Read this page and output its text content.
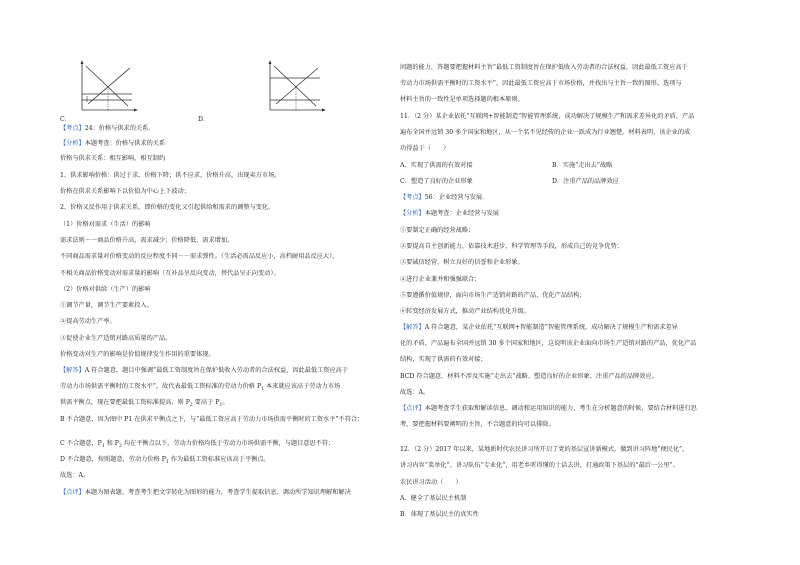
C．	D．
【考点】24：价格与供求的关系．
【分析】本题考查：价格与供求的关系
价格与供求关系：相互影响，相互制约
1、供求影响价格：供过于求，价格下降；供不应求，价格升高，出现卖方市场。
价格在供求关系影响下以价值为中心上下波动；
2、价格又反作用于供求关系，即价格的变化又引起供给和需求的调整与变化。
（1）价格对需求（生活）的影响
需求法则－一商品价格升高，需求减少；价格降低，需求增加。
不同商品需求量对价格变动的反应程度不同－－需求弹性。（生活必需品反应小，高档耐用品反应大）。
不相关商品价格变动对需求量的影响（互补品呈反向变动，替代品呈正向变动）。
（2）价格对供给（生产）的影响
①调节产量，调节生产要素投入。
②提高劳动生产率。
③促使企业生产适销对路高质量的产品。
价格变动对生产的影响是价值规律发生作用的重要体现。
【解答】A 符合题意，题目中强调“最低工资制度旨在保护低收入劳动者的合法权益，因此最低工资应高于
劳动力市场供需平衡时的工资水平”，故代表最低工资标准的劳动力价格 $P_1$ 本来就应该高于劳动力市场
供需平衡点，现在要把最低工资标准提高，则 $P_2$ 要高于 $P_1$。
B 不合题意，因为图中 P1 在供求平衡点之下，与“最低工资应高于劳动力市场供需平衡时的工资水平”不符合；
C 不合题意，$P_1$ 和 $P_2$ 均在平衡点以下，劳动力价格均低于劳动力市场供需平衡，与题目意思不符；
D 不合题意，按照题意，劳动力价格 $P_1$ 作为最低工资标准应该高于平衡点。
故选：A。
【点评】本题为图表题，考查考生把文字转化为图形的能力，考查学生提取信息、调动所学知识理解和解决
问题的能力，答题要把握材料主旨“最低工资制度旨在保护低收入劳动者的合法权益，因此最低工资应高于
劳动力市场供需平衡时的工资水平”，因此最低工资应高于市场价格，并找出与主旨一致的图形。选项与
材料主旨的一致性是单项选择题的根本原则。
11．（2 分）某企业依托“互联网+智能制造”智能管理系统，成功解决了规模生产和需求差异化的矛盾，产品
遍布全国并远销 30 多个国家和地区，从一个名不见经传的企业一跃成为行业翘楚。材料表明，该企业的成
功得益于（　　）
A．实现了供需的有效对接	B．实施“走出去”战略
C．塑造了良好的企业形象	D．注重产品的品牌效应
【考点】56：企业经营与发展．
【分析】本题考查：企业经营与发展
①要制定正确的经营战略；
②要提高自主创新能力，依靠技术进步、科学管理等手段，形成自己的竞争优势；
③要诚信经营，树立良好的信誉和企业形象。
④进行企业兼并和强强联合；
⑤要遵循价值规律，面向市场生产适销对路的产品，优化产品结构；
⑥转变经济发展方式，推动产业结构优化升级。
【解答】A 符合题意，某企业依托“互联网+智能制造”智能管理系统，成功解决了规模生产和需求差异
化的矛盾，产品遍布全国并远销 30 多个国家和地区，这说明该企业面向市场生产适销对路的产品，优化产品
结构，实现了供需的有效对接；
BCD 符合题意，材料不涉及实施“走出去”战略、塑造良好的企业形象、注重产品的品牌效应。
故选：A。
【点评】本题考查学生获取和解读信息、调动和运用知识的能力，考生在分析题意的时候，要结合材料进行思
考，要把握材料要阐明的主旨，不合题意的均可以排除。
12．（2 分）2017 年以来，某地新时代农民讲习所开启了党的基层宣讲新模式，做到讲习阵地“便民化”、
讲习内容“菜单化”、讲习队伍“专业化”，用老乡听得懂的土话去讲，打通政策下基层的“最后一公里”。
农民讲习活动（　　）
A．健全了基层民主机制
B．体现了基层民主的真实性
